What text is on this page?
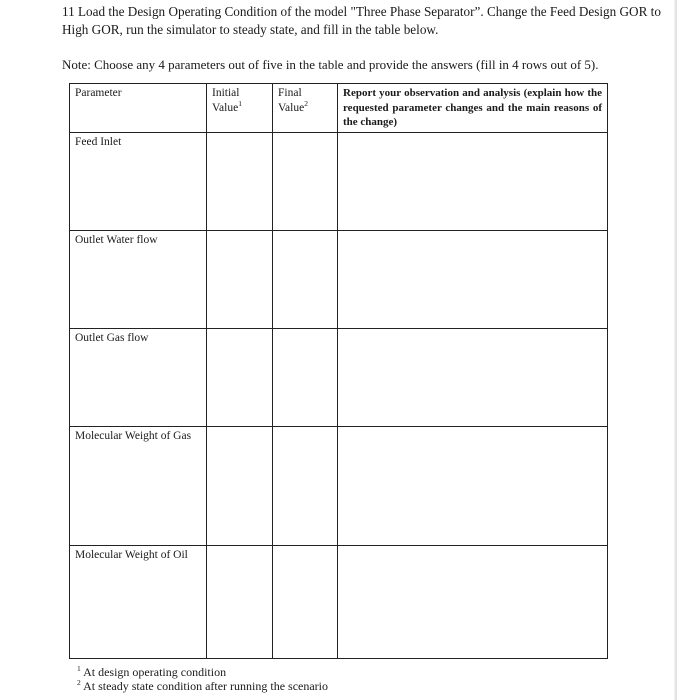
11 Load the Design Operating Condition of the model "Three Phase Separator”. Change the Feed Design GOR to High GOR, run the simulator to steady state, and fill in the table below.

Note: Choose any 4 parameters out of five in the table and provide the answers (fill in 4 rows out of 5).

Parameter	Initial Value$^1$	Final Value$^2$	Report your observation and analysis (explain how the requested parameter changes and the main reasons of the change)
Feed Inlet			
Outlet Water flow			
Outlet Gas flow			
Molecular Weight of Gas			
Molecular Weight of Oil			
$^1$ At design operating condition
$^2$ At steady state condition after running the scenario
